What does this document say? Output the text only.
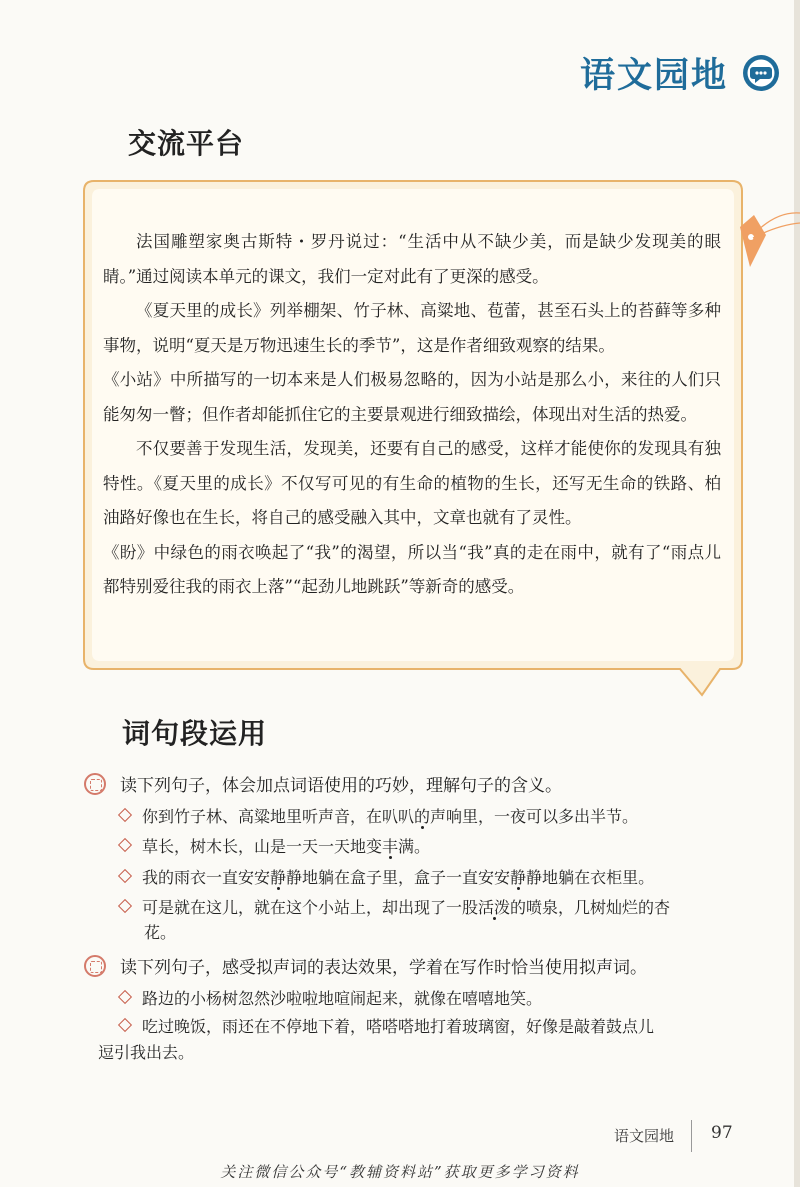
语文园地
交流平台

法国雕塑家奥古斯特・罗丹说过：“生活中从不缺少美，而是缺少发现美的眼睛。”通过阅读本单元的课文，我们一定对此有了更深的感受。

《夏天里的成长》列举棚架、竹子林、高粱地、苞蕾，甚至石头上的苔藓等多种事物，说明“夏天是万物迅速生长的季节”，这是作者细致观察的结果。

《小站》中所描写的一切本来是人们极易忽略的，因为小站是那么小，来往的人们只能匆匆一瞥；但作者却能抓住它的主要景观进行细致描绘，体现出对生活的热爱。

不仅要善于发现生活，发现美，还要有自己的感受，这样才能使你的发现具有独特性。《夏天里的成长》不仅写可见的有生命的植物的生长，还写无生命的铁路、柏油路好像也在生长，将自己的感受融入其中，文章也就有了灵性。

《盼》中绿色的雨衣唤起了“我”的渴望，所以当“我”真的走在雨中，就有了“雨点儿都特别爱往我的雨衣上落”“起劲儿地跳跃”等新奇的感受。

词句段运用
读下列句子，体会加点词语使用的巧妙，理解句子的含义。
你到竹子林、高粱地里听声音，在叭叭的声响里，一夜可以多出半节。
草长，树木长，山是一天一天地变丰满。
我的雨衣一直安安静静地躺在盒子里，盒子一直安安静静地躺在衣柜里。
可是就在这儿，就在这个小站上，却出现了一股活泼的喷泉，几树灿烂的杏
花。
读下列句子，感受拟声词的表达效果，学着在写作时恰当使用拟声词。
路边的小杨树忽然沙啦啦地喧闹起来，就像在嘻嘻地笑。
吃过晚饭，雨还在不停地下着，嗒嗒嗒地打着玻璃窗，好像是敲着鼓点儿
逗引我出去。
语文园地 97
关注微信公众号“教辅资料站”获取更多学习资料
